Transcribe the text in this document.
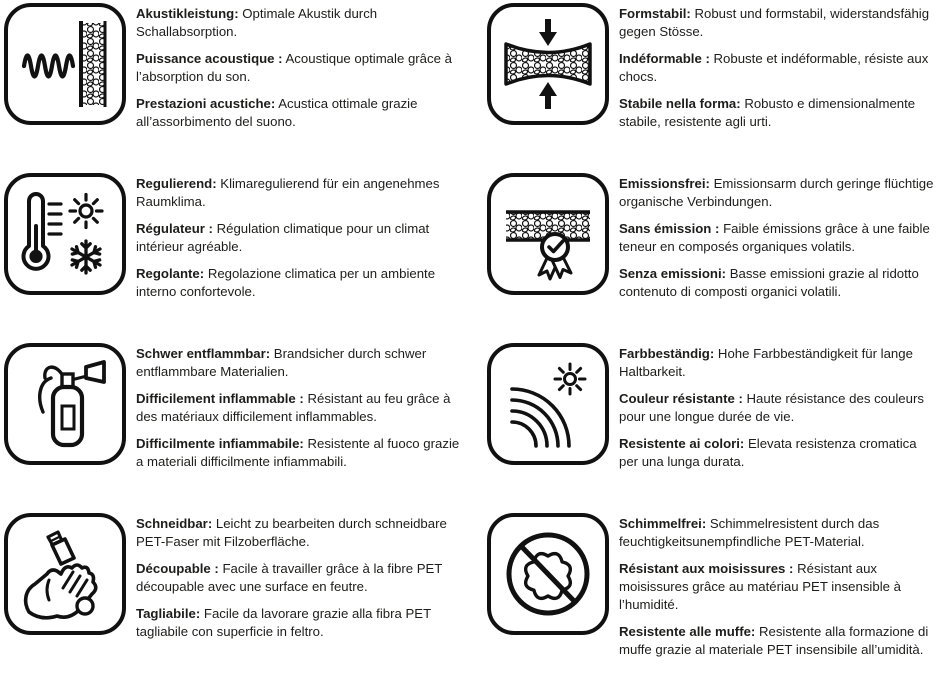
Akustikleistung: Optimale Akustik durch Schallabsorption.

Puissance acoustique : Acoustique optimale grâce à l’absorption du son.

Prestazioni acustiche: Acustica ottimale grazie all’assorbimento del suono.

Formstabil: Robust und formstabil, widerstandsfähig gegen Stösse.

Indéformable : Robuste et indéformable, résiste aux chocs.

Stabile nella forma: Robusto e dimensionalmente stabile, resistente agli urti.

Regulierend: Klimaregulierend für ein angenehmes Raumklima.

Régulateur : Régulation climatique pour un climat intérieur agréable.

Regolante: Regolazione climatica per un ambiente interno confortevole.

Emissionsfrei: Emissionsarm durch geringe flüchtige organische Verbindungen.

Sans émission : Faible émissions grâce à une faible teneur en composés organiques volatils.

Senza emissioni: Basse emissioni grazie al ridotto contenuto di composti organici volatili.

Schwer entflammbar: Brandsicher durch schwer entflammbare Materialien.

Difficilement inflammable : Résistant au feu grâce à des matériaux difficilement inflammables.

Difficilmente infiammabile: Resistente al fuoco grazie a materiali difficilmente infiammabili.

Farbbeständig: Hohe Farbbeständigkeit für lange Haltbarkeit.

Couleur résistante : Haute résistance des couleurs pour une longue durée de vie.

Resistente ai colori: Elevata resistenza cromatica per una lunga durata.

Schneidbar: Leicht zu bearbeiten durch schneidbare PET-Faser mit Filzoberfläche.

Découpable : Facile à travailler grâce à la fibre PET découpable avec une surface en feutre.

Tagliabile: Facile da lavorare grazie alla fibra PET tagliabile con superficie in feltro.

Schimmelfrei: Schimmelresistent durch das feuchtigkeitsunempfindliche PET-Material.

Résistant aux moisissures : Résistant aux moisissures grâce au matériau PET insensible à l’humidité.

Resistente alle muffe: Resistente alla formazione di muffe grazie al materiale PET insensibile all’umidità.
